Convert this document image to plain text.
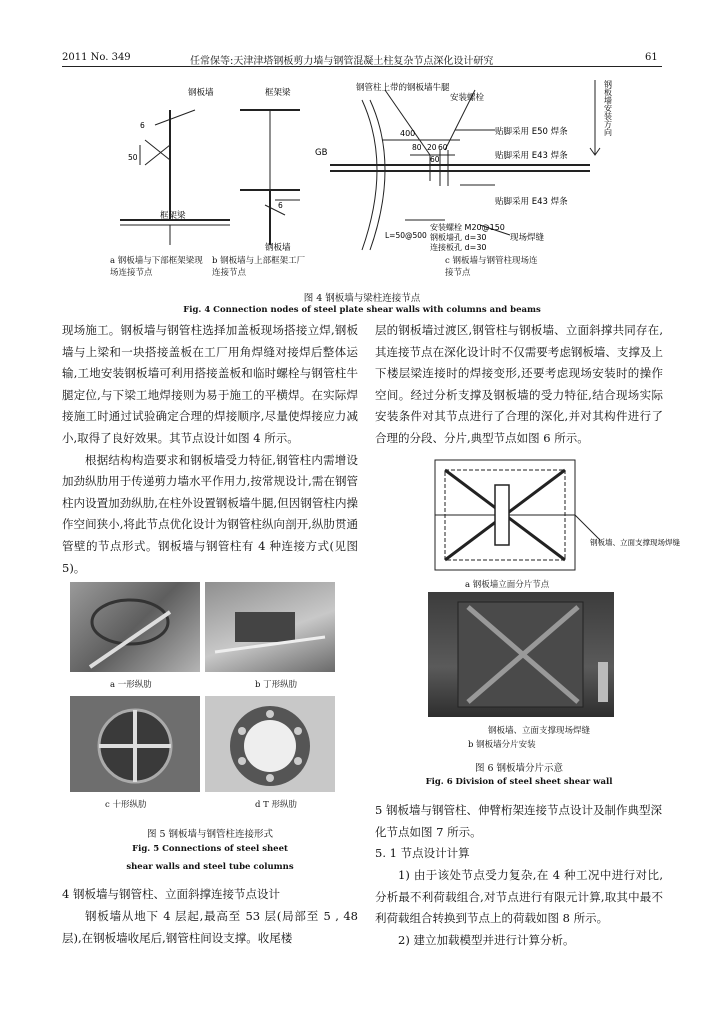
2011 No. 349	任常保等:天津津塔钢板剪力墙与钢管混凝土柱复杂节点深化设计研究	61
钢板墙	框架梁	钢管柱上带的钢板墙牛腿
安装螺栓	钢板墙安装方向
GB
400
80 20 60
60
贴脚采用 E50 焊条
贴脚采用 E43 焊条
贴脚采用 E43 焊条
安装螺栓 M20@150
钢板墙孔 d=30
连接板孔 d=30
L=50@500	现场焊缝
框架梁
钢板墙
6
50
6
a 钢板墙与下部框架梁现场连接节点
b 钢板墙与上部框架工厂连接节点
c 钢板墙与钢管柱现场连接节点
图 4 钢板墙与梁柱连接节点
Fig. 4 Connection nodes of steel plate shear walls with columns and beams

现场施工。钢板墙与钢管柱选择加盖板现场搭接立焊,钢板墙与上梁和一块搭接盖板在工厂用角焊缝对接焊后整体运输,工地安装钢板墙可利用搭接盖板和临时螺栓与钢管柱牛腿定位,与下梁工地焊接则为易于施工的平横焊。在实际焊接施工时通过试验确定合理的焊接顺序,尽量使焊接应力减小,取得了良好效果。其节点设计如图 4 所示。

根据结构构造要求和钢板墙受力特征,钢管柱内需增设加劲纵肋用于传递剪力墙水平作用力,按常规设计,需在钢管柱内设置加劲纵肋,在柱外设置钢板墙牛腿,但因钢管柱内操作空间狭小,将此节点优化设计为钢管柱纵向剖开,纵肋贯通管壁的节点形式。钢板墙与钢管柱有 4 种连接方式(见图 5)。

a 一形纵肋	b 丁形纵肋
c 十形纵肋	d T 形纵肋
图 5 钢板墙与钢管柱连接形式
Fig. 5 Connections of steel sheet
shear walls and steel tube columns
4 钢板墙与钢管柱、立面斜撑连接节点设计
钢板墙从地下 4 层起,最高至 53 层(局部至 5 , 48 层),在钢板墙收尾后,钢管柱间设支撑。收尾楼

层的钢板墙过渡区,钢管柱与钢板墙、立面斜撑共同存在,其连接节点在深化设计时不仅需要考虑钢板墙、支撑及上下楼层梁连接时的焊接变形,还要考虑现场安装时的操作空间。经过分析支撑及钢板墙的受力特征,结合现场实际安装条件对其节点进行了合理的深化,并对其构件进行了合理的分段、分片,典型节点如图 6 所示。

钢板墙、立面支撑现场焊缝
a 钢板墙立面分片节点
钢板墙、立面支撑现场焊缝
b 钢板墙分片安装
图 6 钢板墙分片示意
Fig. 6 Division of steel sheet shear wall
5 钢板墙与钢管柱、伸臂桁架连接节点设计及制作典型深化节点如图 7 所示。
5. 1 节点设计计算

1) 由于该处节点受力复杂,在 4 种工况中进行对比,分析最不利荷载组合,对节点进行有限元计算,取其中最不利荷载组合转换到节点上的荷载如图 8 所示。

2) 建立加载模型并进行计算分析。
